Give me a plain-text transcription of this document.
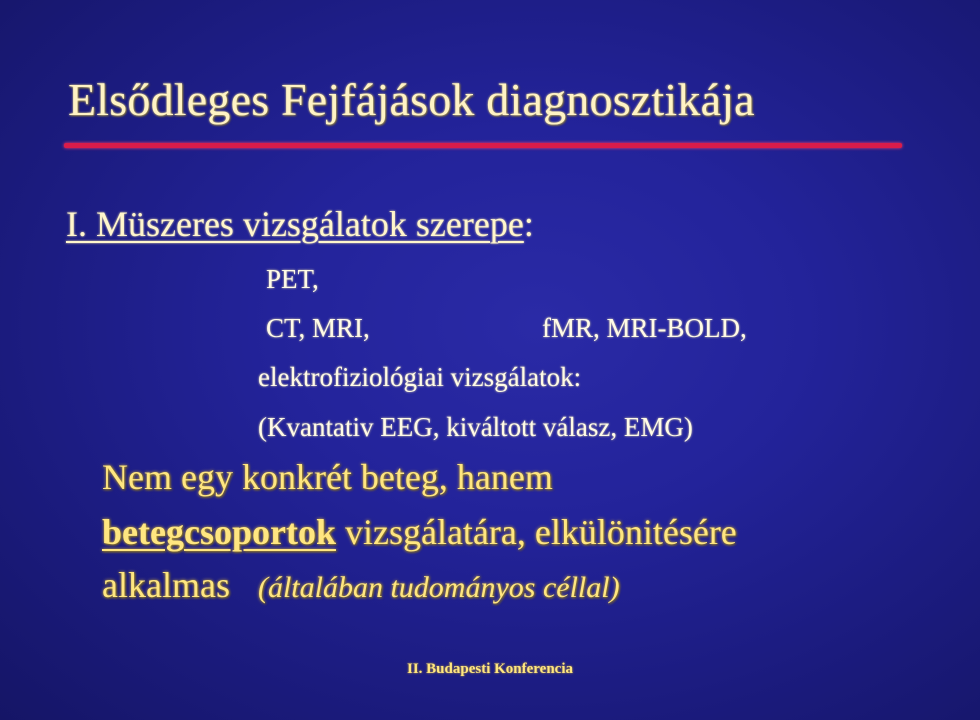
Elsődleges Fejfájások diagnosztikája
I. Müszeres vizsgálatok szerepe:
PET,
CT, MRI,	fMR, MRI-BOLD,
elektrofiziológiai vizsgálatok:
(Kvantativ EEG, kiváltott válasz, EMG)
Nem egy konkrét beteg, hanem
betegcsoportok vizsgálatára, elkülönitésére
alkalmas (általában tudományos céllal)
II. Budapesti Konferencia
